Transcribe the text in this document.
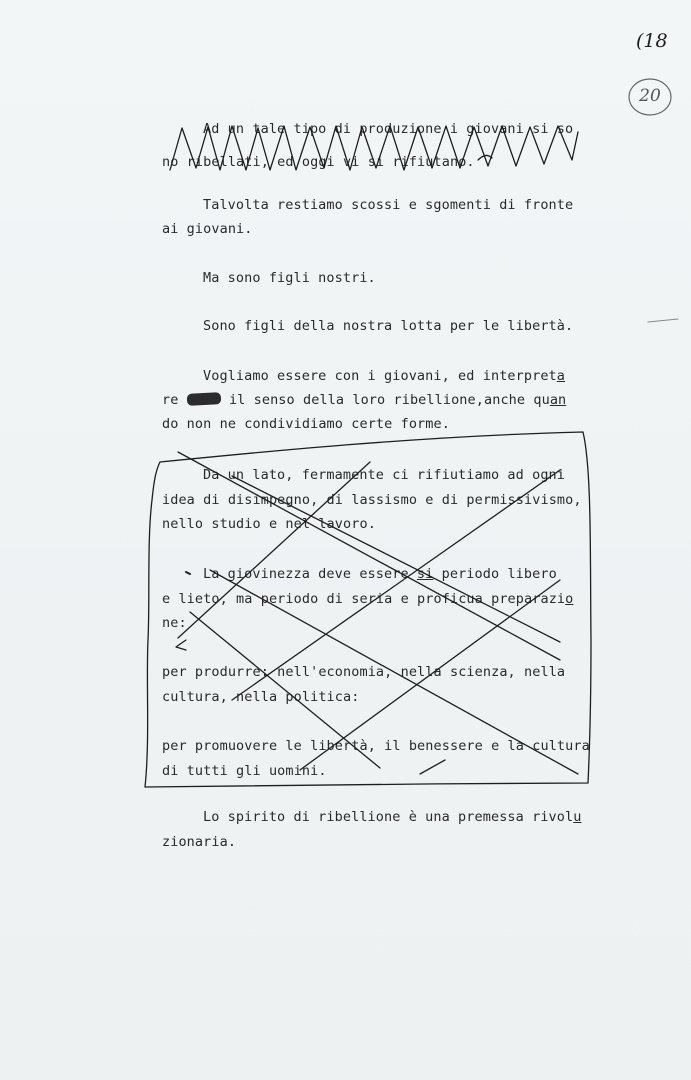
(18
20
Ad un tale tipo di produzione i giovani si so
no ribellati, ed oggi vi si rifiutano.
Talvolta restiamo scossi e sgomenti di fronte
ai giovani.
Ma sono figli nostri.
Sono figli della nostra lotta per le libertà.
Vogliamo essere con i giovani, ed interpreta
re	il senso della loro ribellione,anche quan
do non ne condividiamo certe forme.
Da un lato, fermamente ci rifiutiamo ad ogni
idea di disimpegno, di lassismo e di permissivismo,
nello studio e nel lavoro.
La giovinezza deve essere si periodo libero
e lieto, ma periodo di seria e proficua preparazio
ne:
per produrre: nell'economia, nella scienza, nella
cultura, nella politica:
per promuovere le libertà, il benessere e la cultura
di tutti gli uomini.
Lo spirito di ribellione è una premessa rivolu
zionaria.
